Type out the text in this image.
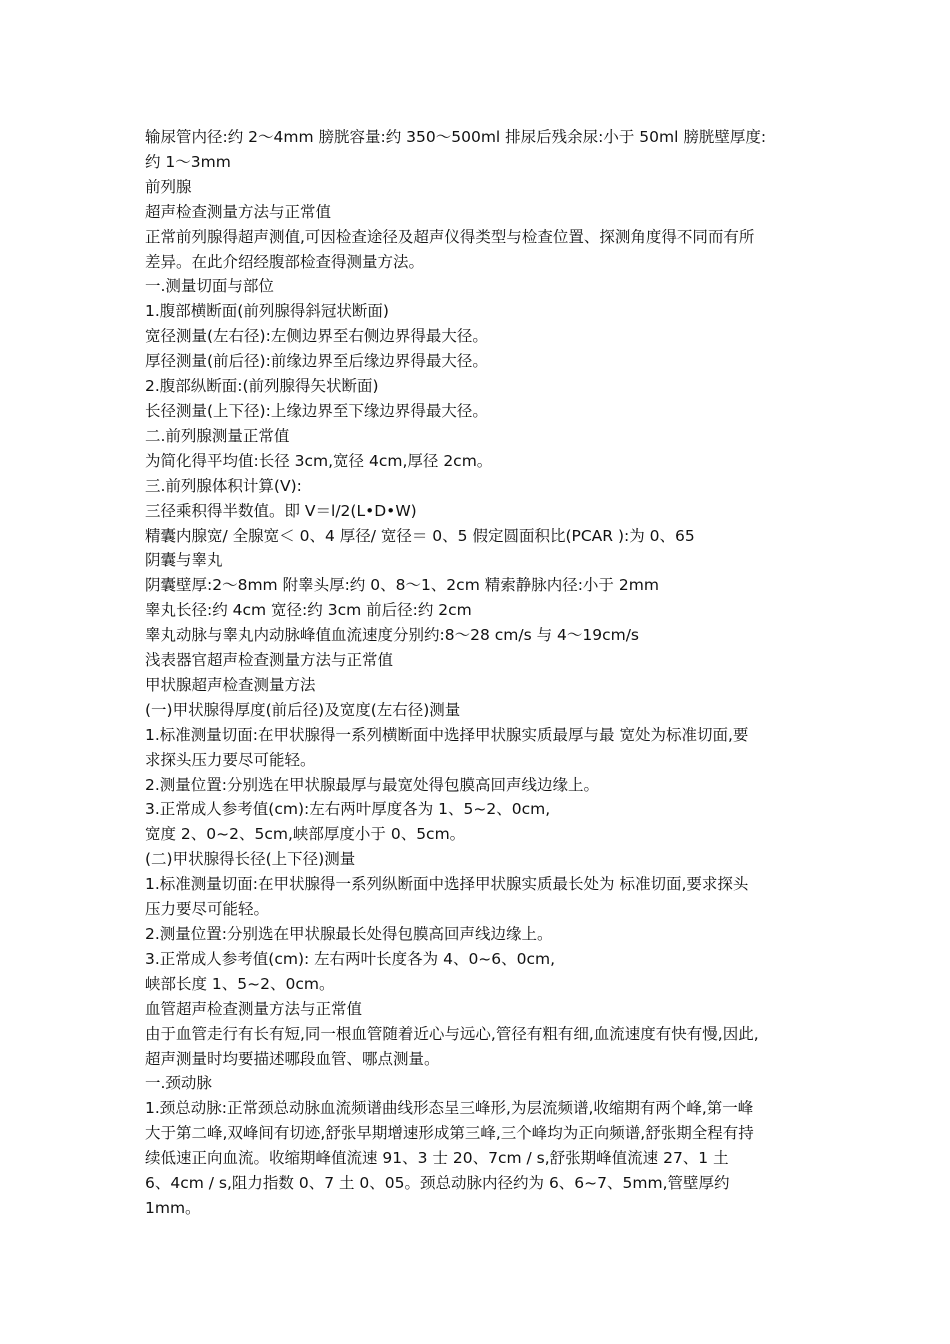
输尿管内径:约 2～4mm 膀胱容量:约 350～500ml 排尿后残余尿:小于 50ml 膀胱壁厚度:

约 1～3mm

前列腺

超声检查测量方法与正常值

正常前列腺得超声测值,可因检查途径及超声仪得类型与检查位置、探测角度得不同而有所

差异。在此介绍经腹部检查得测量方法。

一.测量切面与部位

1.腹部横断面(前列腺得斜冠状断面)

宽径测量(左右径):左侧边界至右侧边界得最大径。

厚径测量(前后径):前缘边界至后缘边界得最大径。

2.腹部纵断面:(前列腺得矢状断面)

长径测量(上下径):上缘边界至下缘边界得最大径。

二.前列腺测量正常值

为简化得平均值:长径 3cm,宽径 4cm,厚径 2cm。

三.前列腺体积计算(V):

三径乘积得半数值。即 V＝l/2(L•D•W)

精囊内腺宽/ 全腺宽＜ 0、4 厚径/ 宽径＝ 0、5 假定圆面积比(PCAR ):为 0、65

阴囊与睾丸

阴囊壁厚:2～8mm 附睾头厚:约 0、8～1、2cm 精索静脉内径:小于 2mm

睾丸长径:约 4cm 宽径:约 3cm 前后径:约 2cm

睾丸动脉与睾丸内动脉峰值血流速度分别约:8～28 cm/s 与 4～19cm/s

浅表器官超声检查测量方法与正常值

甲状腺超声检查测量方法

(一)甲状腺得厚度(前后径)及宽度(左右径)测量

1.标准测量切面:在甲状腺得一系列横断面中选择甲状腺实质最厚与最 宽处为标准切面,要

求探头压力要尽可能轻。

2.测量位置:分别选在甲状腺最厚与最宽处得包膜高回声线边缘上。

3.正常成人参考值(cm):左右两叶厚度各为 1、5~2、0cm,

宽度 2、0~2、5cm,峡部厚度小于 0、5cm。

(二)甲状腺得长径(上下径)测量

1.标准测量切面:在甲状腺得一系列纵断面中选择甲状腺实质最长处为 标准切面,要求探头

压力要尽可能轻。

2.测量位置:分别选在甲状腺最长处得包膜高回声线边缘上。

3.正常成人参考值(cm): 左右两叶长度各为 4、0~6、0cm,

峡部长度 1、5~2、0cm。

血管超声检查测量方法与正常值

由于血管走行有长有短,同一根血管随着近心与远心,管径有粗有细,血流速度有快有慢,因此,

超声测量时均要描述哪段血管、哪点测量。

一.颈动脉

1.颈总动脉:正常颈总动脉血流频谱曲线形态呈三峰形,为层流频谱,收缩期有两个峰,第一峰

大于第二峰,双峰间有切迹,舒张早期增速形成第三峰,三个峰均为正向频谱,舒张期全程有持

续低速正向血流。收缩期峰值流速 91、3 士 20、7cm / s,舒张期峰值流速 27、1 土

6、4cm / s,阻力指数 0、7 土 0、05。颈总动脉内径约为 6、6~7、5mm,管壁厚约

1mm。
